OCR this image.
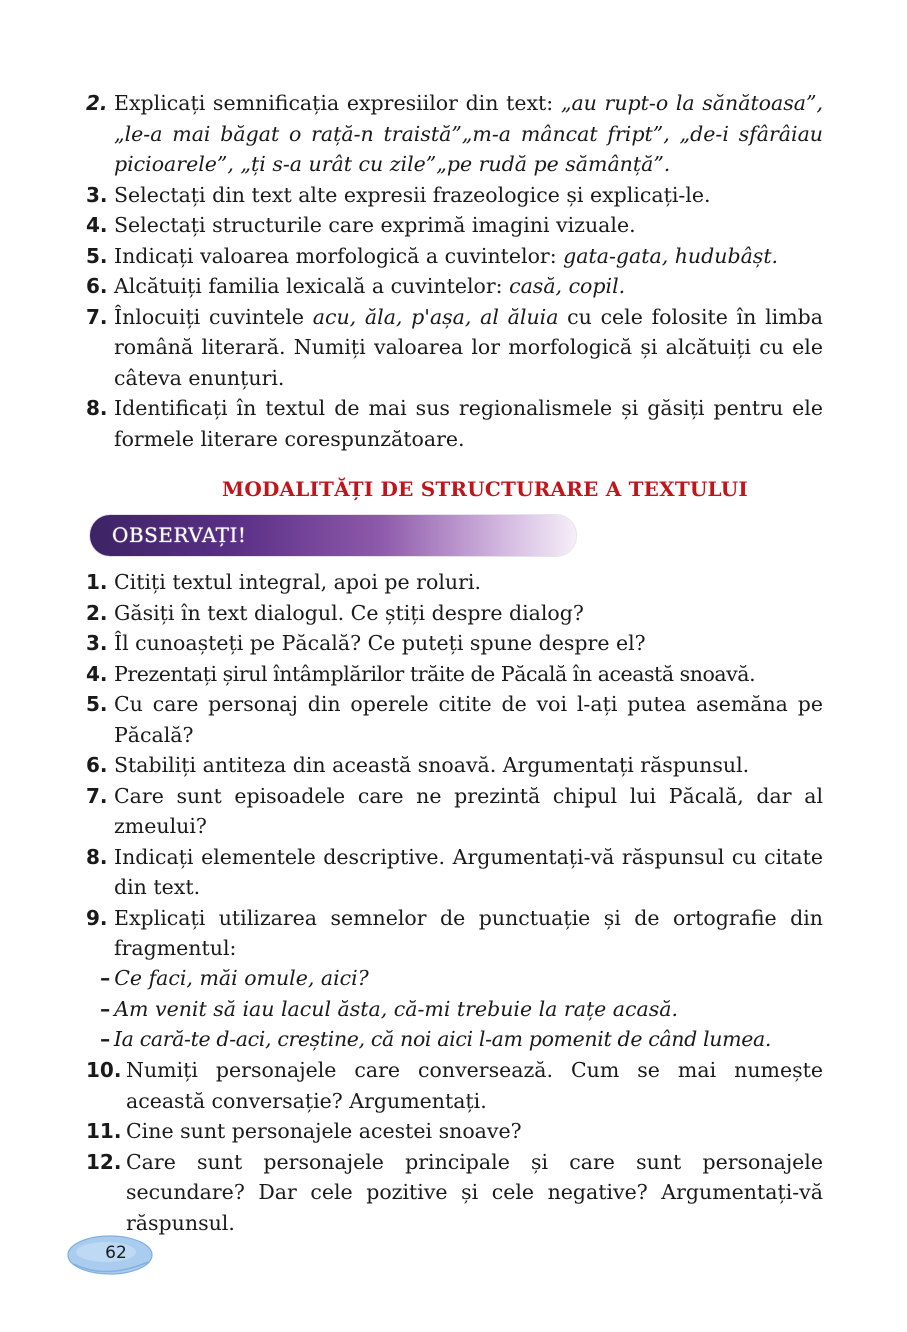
2. Explicați semnificația expresiilor din text: „au rupt-o la sănătoasa”, „le-a mai băgat o rață-n traistă”„m-a mâncat fript”, „de-i sfârâiau picioarele”, „ți s-a urât cu zile”„pe rudă pe sămânță”.
3. Selectați din text alte expresii frazeologice și explicați-le.
4. Selectați structurile care exprimă imagini vizuale.
5. Indicați valoarea morfologică a cuvintelor: gata-gata, hudubâșt.
6. Alcătuiți familia lexicală a cuvintelor: casă, copil.
7. Înlocuiți cuvintele acu, ăla, p'așa, al ăluia cu cele folosite în limba română literară. Numiți valoarea lor morfologică și alcătuiți cu ele câteva enunțuri.
8. Identificați în textul de mai sus regionalismele și găsiți pentru ele formele literare corespunzătoare.
MODALITĂȚI DE STRUCTURARE A TEXTULUI
OBSERVAȚI!
1. Citiți textul integral, apoi pe roluri.
2. Găsiți în text dialogul. Ce știți despre dialog?
3. Îl cunoașteți pe Păcală? Ce puteți spune despre el?
4. Prezentați șirul întâmplărilor trăite de Păcală în această snoavă.
5. Cu care personaj din operele citite de voi l-ați putea asemăna pe Păcală?
6. Stabiliți antiteza din această snoavă. Argumentați răspunsul.
7. Care sunt episoadele care ne prezintă chipul lui Păcală, dar al zmeului?
8. Indicați elementele descriptive. Argumentați-vă răspunsul cu citate din text.
9. Explicați utilizarea semnelor de punctuație și de ortografie din fragmentul:
– Ce faci, măi omule, aici?
– Am venit să iau lacul ăsta, că-mi trebuie la rațe acasă.
– Ia cară-te d-aci, creștine, că noi aici l-am pomenit de când lumea.
10. Numiți personajele care conversează. Cum se mai numește această conversație? Argumentați.
11. Cine sunt personajele acestei snoave?
12. Care sunt personajele principale și care sunt personajele secundare? Dar cele pozitive și cele negative? Argumentați-vă răspunsul.
62
